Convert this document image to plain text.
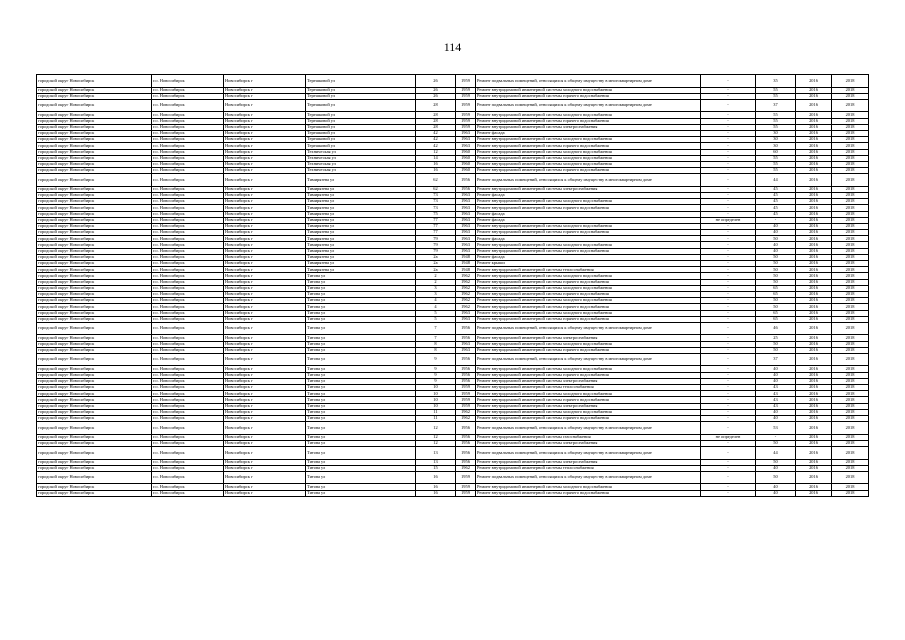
114
городской округ Новосибирск	г.о. Новосибирск	Новосибирск г	Терешковой ул	26	1959	Ремонт подвальных помещений, относящихся к общему имуществу в многоквартирном доме	-	35	2016	2018
городской округ Новосибирск	г.о. Новосибирск	Новосибирск г	Терешковой ул	26	1959	Ремонт внутридомовой инженерной системы холодного водоснабжения	-	55	2016	2018
городской округ Новосибирск	г.о. Новосибирск	Новосибирск г	Терешковой ул	26	1959	Ремонт внутридомовой инженерной системы горячего водоснабжения	-	55	2016	2018
городской округ Новосибирск	г.о. Новосибирск	Новосибирск г	Терешковой ул	28	1959	Ремонт подвальных помещений, относящихся к общему имуществу в многоквартирном доме	-	37	2016	2018
городской округ Новосибирск	г.о. Новосибирск	Новосибирск г	Терешковой ул	28	1959	Ремонт внутридомовой инженерной системы холодного водоснабжения	-	55	2016	2018
городской округ Новосибирск	г.о. Новосибирск	Новосибирск г	Терешковой ул	28	1959	Ремонт внутридомовой инженерной системы горячего водоснабжения	-	55	2016	2018
городской округ Новосибирск	г.о. Новосибирск	Новосибирск г	Терешковой ул	28	1959	Ремонт внутридомовой инженерной системы электроснабжения	-	55	2016	2018
городской округ Новосибирск	г.о. Новосибирск	Новосибирск г	Терешковой ул	42	1963	Ремонт фасада	-	30	2016	2018
городской округ Новосибирск	г.о. Новосибирск	Новосибирск г	Терешковой ул	42	1963	Ремонт внутридомовой инженерной системы холодного водоснабжения	-	30	2016	2018
городской округ Новосибирск	г.о. Новосибирск	Новосибирск г	Терешковой ул	42	1963	Ремонт внутридомовой инженерной системы горячего водоснабжения	-	30	2016	2018
городской округ Новосибирск	г.о. Новосибирск	Новосибирск г	Техническая ул	12	1960	Ремонт внутридомовой инженерной системы холодного водоснабжения	-	60	2016	2018
городской округ Новосибирск	г.о. Новосибирск	Новосибирск г	Техническая ул	14	1960	Ремонт внутридомовой инженерной системы холодного водоснабжения	-	55	2016	2018
городской округ Новосибирск	г.о. Новосибирск	Новосибирск г	Техническая ул	16	1960	Ремонт внутридомовой инженерной системы холодного водоснабжения	-	55	2016	2018
городской округ Новосибирск	г.о. Новосибирск	Новосибирск г	Техническая ул	16	1960	Ремонт внутридомовой инженерной системы горячего водоснабжения	-	55	2016	2018
городской округ Новосибирск	г.о. Новосибирск	Новосибирск г	Тимирязева ул	62	1956	Ремонт подвальных помещений, относящихся к общему имуществу в многоквартирном доме	-	44	2016	2018
городской округ Новосибирск	г.о. Новосибирск	Новосибирск г	Тимирязева ул	62	1956	Ремонт внутридомовой инженерной системы электроснабжения	-	45	2016	2018
городской округ Новосибирск	г.о. Новосибирск	Новосибирск г	Тимирязева ул	73	1963	Ремонт фасада	-	45	2016	2018
городской округ Новосибирск	г.о. Новосибирск	Новосибирск г	Тимирязева ул	73	1963	Ремонт внутридомовой инженерной системы холодного водоснабжения	-	45	2016	2018
городской округ Новосибирск	г.о. Новосибирск	Новосибирск г	Тимирязева ул	73	1963	Ремонт внутридомовой инженерной системы горячего водоснабжения	-	45	2016	2018
городской округ Новосибирск	г.о. Новосибирск	Новосибирск г	Тимирязева ул	75	1963	Ремонт фасада	-	45	2016	2018
городской округ Новосибирск	г.о. Новосибирск	Новосибирск г	Тимирязева ул	77	1963	Ремонт фасада	не определен	-	2016	2018
городской округ Новосибирск	г.о. Новосибирск	Новосибирск г	Тимирязева ул	77	1963	Ремонт внутридомовой инженерной системы холодного водоснабжения	-	40	2016	2018
городской округ Новосибирск	г.о. Новосибирск	Новосибирск г	Тимирязева ул	77	1963	Ремонт внутридомовой инженерной системы горячего водоснабжения	-	40	2016	2018
городской округ Новосибирск	г.о. Новосибирск	Новосибирск г	Тимирязева ул	79	1963	Ремонт фасада	-	50	2016	2018
городской округ Новосибирск	г.о. Новосибирск	Новосибирск г	Тимирязева ул	79	1963	Ремонт внутридомовой инженерной системы холодного водоснабжения	-	40	2016	2018
городской округ Новосибирск	г.о. Новосибирск	Новосибирск г	Тимирязева ул	79	1963	Ремонт внутридомовой инженерной системы горячего водоснабжения	-	40	2016	2018
городской округ Новосибирск	г.о. Новосибирск	Новосибирск г	Тимирязева ул	2а	1948	Ремонт фасада	-	50	2016	2018
городской округ Новосибирск	г.о. Новосибирск	Новосибирск г	Тимирязева ул	2а	1948	Ремонт крыши	-	50	2016	2018
городской округ Новосибирск	г.о. Новосибирск	Новосибирск г	Тимирязева ул	2а	1948	Ремонт внутридомовой инженерной системы теплоснабжения	-	50	2016	2018
городской округ Новосибирск	г.о. Новосибирск	Новосибирск г	Титова ул	2	1962	Ремонт внутридомовой инженерной системы холодного водоснабжения	-	50	2016	2018
городской округ Новосибирск	г.о. Новосибирск	Новосибирск г	Титова ул	2	1962	Ремонт внутридомовой инженерной системы горячего водоснабжения	-	50	2016	2018
городской округ Новосибирск	г.о. Новосибирск	Новосибирск г	Титова ул	3	1962	Ремонт внутридомовой инженерной системы холодного водоснабжения	-	65	2016	2018
городской округ Новосибирск	г.о. Новосибирск	Новосибирск г	Титова ул	3	1962	Ремонт внутридомовой инженерной системы горячего водоснабжения	-	65	2016	2018
городской округ Новосибирск	г.о. Новосибирск	Новосибирск г	Титова ул	4	1962	Ремонт внутридомовой инженерной системы холодного водоснабжения	-	50	2016	2018
городской округ Новосибирск	г.о. Новосибирск	Новосибирск г	Титова ул	4	1962	Ремонт внутридомовой инженерной системы горячего водоснабжения	-	50	2016	2018
городской округ Новосибирск	г.о. Новосибирск	Новосибирск г	Титова ул	5	1963	Ремонт внутридомовой инженерной системы холодного водоснабжения	-	65	2016	2018
городской округ Новосибирск	г.о. Новосибирск	Новосибирск г	Титова ул	5	1963	Ремонт внутридомовой инженерной системы горячего водоснабжения	-	65	2016	2018
городской округ Новосибирск	г.о. Новосибирск	Новосибирск г	Титова ул	7	1956	Ремонт подвальных помещений, относящихся к общему имуществу в многоквартирном доме	-	46	2016	2018
городской округ Новосибирск	г.о. Новосибирск	Новосибирск г	Титова ул	7	1956	Ремонт внутридомовой инженерной системы электроснабжения	-	25	2016	2018
городской округ Новосибирск	г.о. Новосибирск	Новосибирск г	Титова ул	8	1963	Ремонт внутридомовой инженерной системы холодного водоснабжения	-	50	2016	2018
городской округ Новосибирск	г.о. Новосибирск	Новосибирск г	Титова ул	8	1963	Ремонт внутридомовой инженерной системы горячего водоснабжения	-	50	2016	2018
городской округ Новосибирск	г.о. Новосибирск	Новосибирск г	Титова ул	9	1956	Ремонт подвальных помещений, относящихся к общему имуществу в многоквартирном доме	-	37	2016	2018
городской округ Новосибирск	г.о. Новосибирск	Новосибирск г	Титова ул	9	1956	Ремонт внутридомовой инженерной системы холодного водоснабжения	-	40	2016	2018
городской округ Новосибирск	г.о. Новосибирск	Новосибирск г	Титова ул	9	1956	Ремонт внутридомовой инженерной системы горячего водоснабжения	-	40	2016	2018
городской округ Новосибирск	г.о. Новосибирск	Новосибирск г	Титова ул	9	1956	Ремонт внутридомовой инженерной системы электроснабжения	-	40	2016	2018
городской округ Новосибирск	г.о. Новосибирск	Новосибирск г	Титова ул	10	1959	Ремонт внутридомовой инженерной системы теплоснабжения	-	43	2016	2018
городской округ Новосибирск	г.о. Новосибирск	Новосибирск г	Титова ул	10	1959	Ремонт внутридомовой инженерной системы холодного водоснабжения	-	43	2016	2018
городской округ Новосибирск	г.о. Новосибирск	Новосибирск г	Титова ул	10	1959	Ремонт внутридомовой инженерной системы горячего водоснабжения	-	43	2016	2018
городской округ Новосибирск	г.о. Новосибирск	Новосибирск г	Титова ул	10	1959	Ремонт внутридомовой инженерной системы электроснабжения	-	43	2016	2018
городской округ Новосибирск	г.о. Новосибирск	Новосибирск г	Титова ул	11	1962	Ремонт внутридомовой инженерной системы холодного водоснабжения	-	40	2016	2018
городской округ Новосибирск	г.о. Новосибирск	Новосибирск г	Титова ул	11	1962	Ремонт внутридомовой инженерной системы горячего водоснабжения	-	40	2016	2018
городской округ Новосибирск	г.о. Новосибирск	Новосибирск г	Титова ул	12	1956	Ремонт подвальных помещений, относящихся к общему имуществу в многоквартирном доме	-	53	2016	2018
городской округ Новосибирск	г.о. Новосибирск	Новосибирск г	Титова ул	12	1956	Ремонт внутридомовой инженерной системы газоснабжения	не определен	-	2016	2018
городской округ Новосибирск	г.о. Новосибирск	Новосибирск г	Титова ул	12	1956	Ремонт внутридомовой инженерной системы электроснабжения	-	50	2016	2018
городской округ Новосибирск	г.о. Новосибирск	Новосибирск г	Титова ул	13	1956	Ремонт подвальных помещений, относящихся к общему имуществу в многоквартирном доме	-	44	2016	2018
городской округ Новосибирск	г.о. Новосибирск	Новосибирск г	Титова ул	13	1956	Ремонт внутридомовой инженерной системы электроснабжения	-	50	2016	2018
городской округ Новосибирск	г.о. Новосибирск	Новосибирск г	Титова ул	15	1962	Ремонт внутридомовой инженерной системы теплоснабжения	-	40	2016	2018
городской округ Новосибирск	г.о. Новосибирск	Новосибирск г	Титова ул	16	1959	Ремонт подвальных помещений, относящихся к общему имуществу в многоквартирном доме	-	50	2016	2018
городской округ Новосибирск	г.о. Новосибирск	Новосибирск г	Титова ул	16	1959	Ремонт внутридомовой инженерной системы холодного водоснабжения	-	40	2016	2018
городской округ Новосибирск	г.о. Новосибирск	Новосибирск г	Титова ул	16	1959	Ремонт внутридомовой инженерной системы горячего водоснабжения	-	40	2016	2018
